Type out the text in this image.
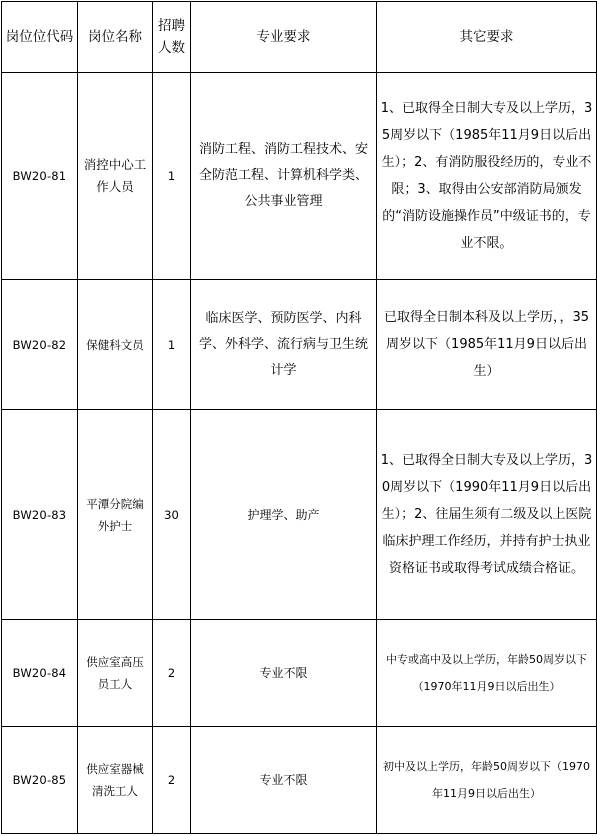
岗位位代码	岗位名称	招聘人数	专业要求	其它要求
BW20-81	消控中心工作人员	1	消防工程、消防工程技术、安全防范工程、计算机科学类、公共事业管理	1、已取得全日制大专及以上学历，35周岁以下（1985年11月9日以后出生）；2、有消防服役经历的，专业不限；3、取得由公安部消防局颁发的“消防设施操作员”中级证书的，专业不限。
BW20-82	保健科文员	1	临床医学、预防医学、内科学、外科学、流行病与卫生统计学	已取得全日制本科及以上学历，，35周岁以下（1985年11月9日以后出生）
BW20-83	平潭分院编外护士	30	护理学、助产	1、已取得全日制大专及以上学历，30周岁以下（1990年11月9日以后出生）；2、往届生须有二级及以上医院临床护理工作经历，并持有护士执业资格证书或取得考试成绩合格证。
BW20-84	供应室高压员工人	2	专业不限	中专或高中及以上学历，年龄50周岁以下（1970年11月9日以后出生）
BW20-85	供应室器械清洗工人	2	专业不限	初中及以上学历，年龄50周岁以下（1970年11月9日以后出生）
